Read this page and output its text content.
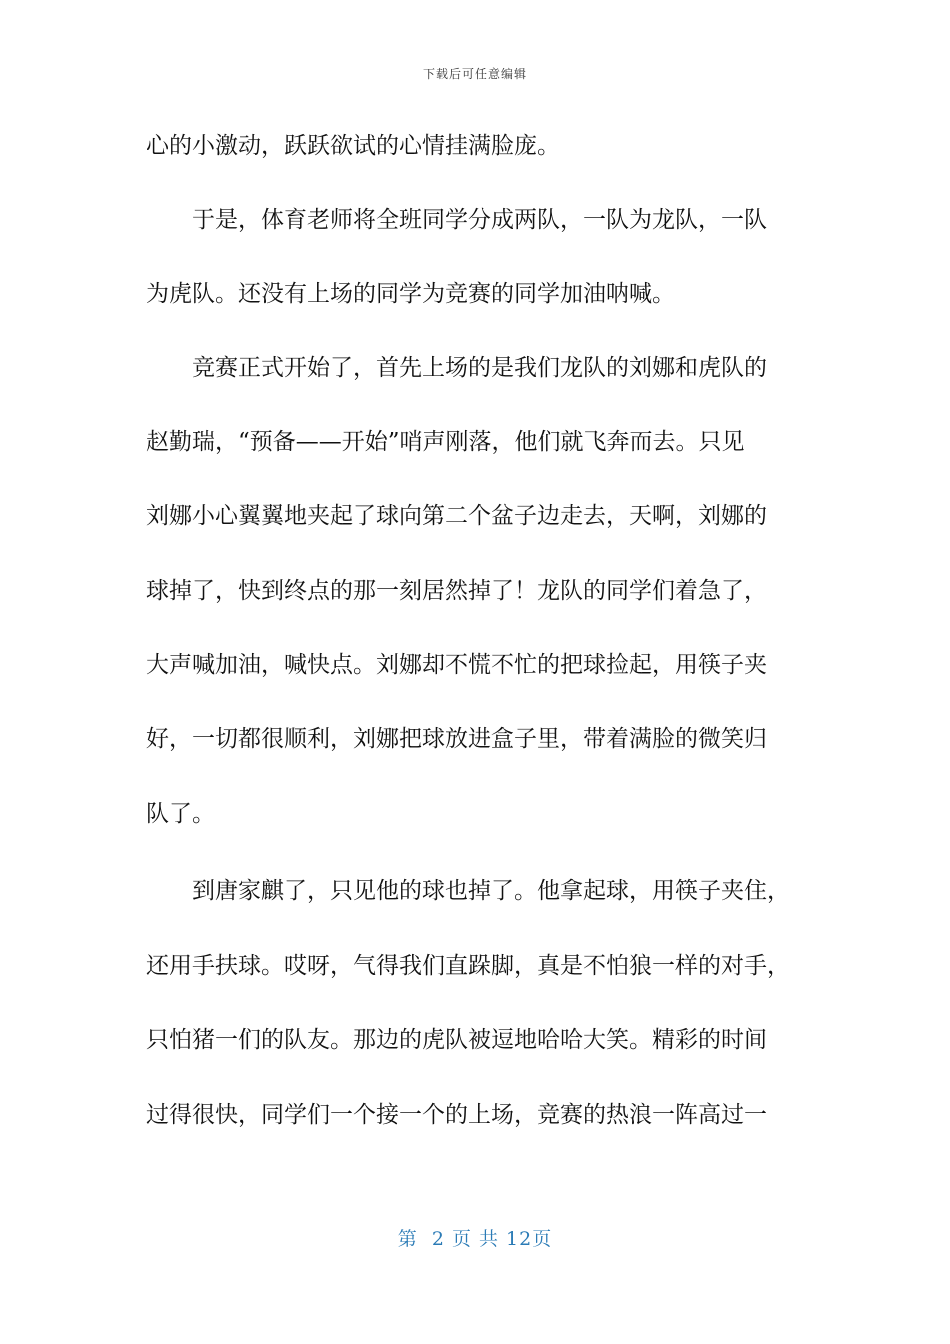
下载后可任意编辑
心的小激动，跃跃欲试的心情挂满脸庞。
于是，体育老师将全班同学分成两队，一队为龙队，一队
为虎队。还没有上场的同学为竞赛的同学加油呐喊。
竞赛正式开始了，首先上场的是我们龙队的刘娜和虎队的
赵勤瑞，“预备——开始”哨声刚落，他们就飞奔而去。只见
刘娜小心翼翼地夹起了球向第二个盆子边走去，天啊，刘娜的
球掉了，快到终点的那一刻居然掉了！龙队的同学们着急了，
大声喊加油，喊快点。刘娜却不慌不忙的把球捡起，用筷子夹
好，一切都很顺利，刘娜把球放进盒子里，带着满脸的微笑归
队了。
到唐家麒了，只见他的球也掉了。他拿起球，用筷子夹住，
还用手扶球。哎呀，气得我们直跺脚，真是不怕狼一样的对手，
只怕猪一们的队友。那边的虎队被逗地哈哈大笑。精彩的时间
过得很快，同学们一个接一个的上场，竞赛的热浪一阵高过一
第  2 页 共 12页
